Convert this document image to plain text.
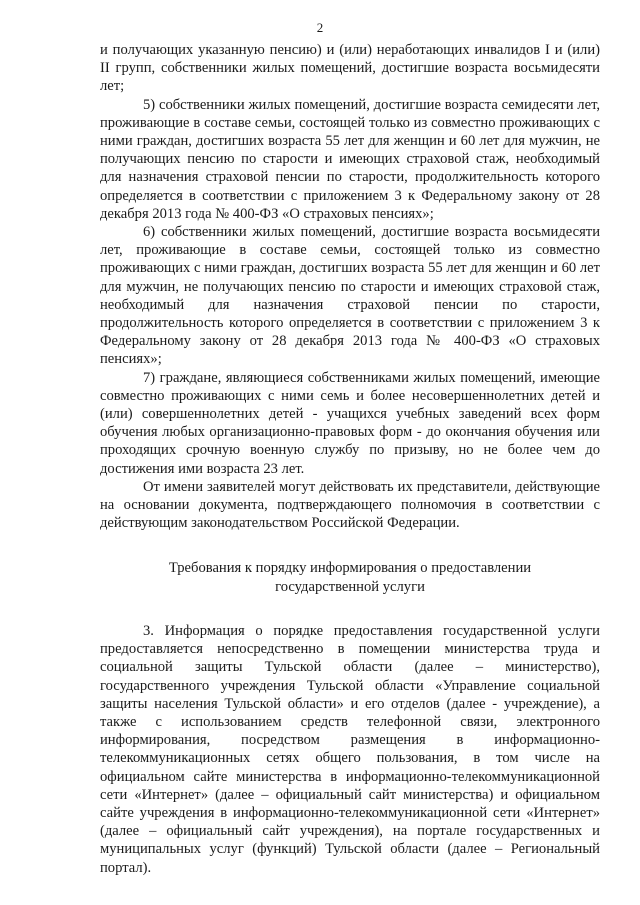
2

и получающих указанную пенсию) и (или) неработающих инвалидов I и (или) II групп, собственники жилых помещений, достигшие возраста восьмидесяти лет;

5) собственники жилых помещений, достигшие возраста семидесяти лет, проживающие в составе семьи, состоящей только из совместно проживающих с ними граждан, достигших возраста 55 лет для женщин и 60 лет для мужчин, не получающих пенсию по старости и имеющих страховой стаж, необходимый для назначения страховой пенсии по старости, продолжительность которого определяется в соответствии с приложением 3 к Федеральному закону от 28 декабря 2013 года № 400-ФЗ «О страховых пенсиях»;

6) собственники жилых помещений, достигшие возраста восьмидесяти лет, проживающие в составе семьи, состоящей только из совместно проживающих с ними граждан, достигших возраста 55 лет для женщин и 60 лет для мужчин, не получающих пенсию по старости и имеющих страховой стаж, необходимый для назначения страховой пенсии по старости, продолжительность которого определяется в соответствии с приложением 3 к Федеральному закону от 28 декабря 2013 года № 400-ФЗ «О страховых пенсиях»;

7) граждане, являющиеся собственниками жилых помещений, имеющие совместно проживающих с ними семь и более несовершеннолетних детей и (или) совершеннолетних детей - учащихся учебных заведений всех форм обучения любых организационно-правовых форм - до окончания обучения или проходящих срочную военную службу по призыву, но не более чем до достижения ими возраста 23 лет.

От имени заявителей могут действовать их представители, действующие на основании документа, подтверждающего полномочия в соответствии с действующим законодательством Российской Федерации.

Требования к порядку информирования о предоставлении
государственной услуги

3. Информация о порядке предоставления государственной услуги предоставляется непосредственно в помещении министерства труда и социальной защиты Тульской области (далее – министерство), государственного учреждения Тульской области «Управление социальной защиты населения Тульской области» и его отделов (далее - учреждение), а также с использованием средств телефонной связи, электронного информирования, посредством размещения в информационно-телекоммуникационных сетях общего пользования, в том числе на официальном сайте министерства в информационно-телекоммуникационной сети «Интернет» (далее – официальный сайт министерства) и официальном сайте учреждения в информационно-телекоммуникационной сети «Интернет» (далее – официальный сайт учреждения), на портале государственных и муниципальных услуг (функций) Тульской области (далее – Региональный портал).
